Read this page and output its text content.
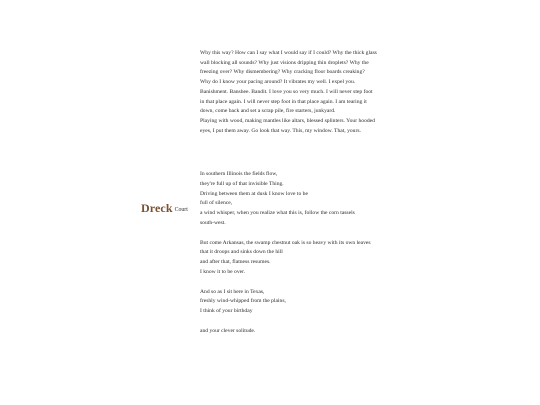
Why this way? How can I say what I would say if I could? Why the thick glass
wall blocking all sounds? Why just visions dripping thin droplets? Why the
freezing over? Why dismembering? Why cracking floor boards creaking?
Why do I know your pacing around? It vibrates my well. I expel you.
Banishment. Banshee. Bandit. I love you so very much. I will never step foot
in that place again. I will never step foot in that place again. I am tearing it
down, come back and set a scrap pile, fire starters, junkyard.
Playing with wood, making mantles like altars, blessed splinters. Your hooded
eyes, I put them away. Go look that way. This, my window. That, yours.
Dreck Court
In southern Illinois the fields flow,
they're full up of that invisible Thing.
Driving between them at dusk I know love to be
full of silence,
a wind whisper, when you realize what this is, follow the corn tassels
south-west.
But come Arkansas, the swamp chestnut oak is so heavy with its own leaves
that it droops and sinks down the hill
and after that, flatness resumes.
I know it to be over.
And so as I sit here in Texas,
freshly wind-whipped from the plains,
I think of your birthday
and your clever solitude.
